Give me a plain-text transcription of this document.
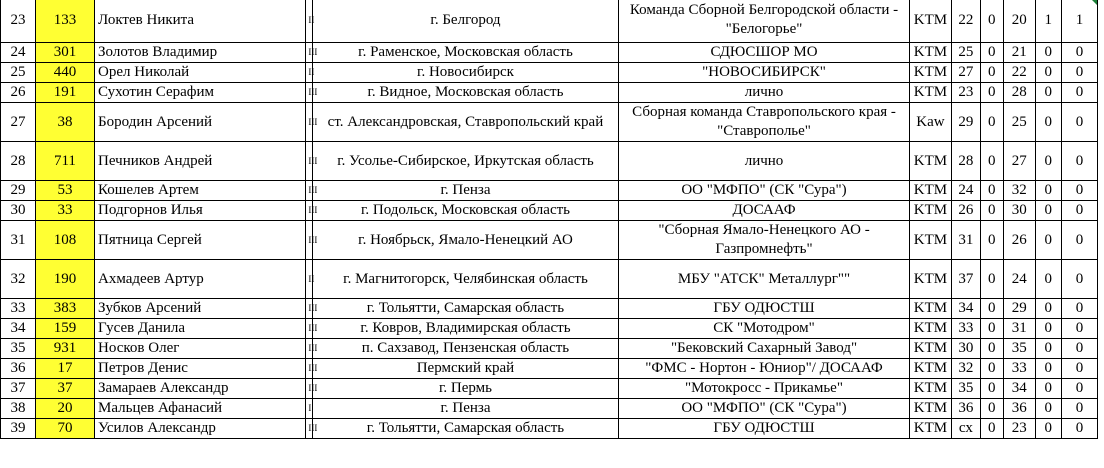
23	133	Локтев Никита	II	г. Белгород	Команда Сборной Белгородской области - "Белогорье"	KTM	22	0	20	1	1
24	301	Золотов Владимир	III	г. Раменское, Московская область	СДЮСШОР МО	KTM	25	0	21	0	0
25	440	Орел Николай	II	г. Новосибирск	"НОВОСИБИРСК"	KTM	27	0	22	0	0
26	191	Сухотин Серафим	III	г. Видное, Московская область	лично	KTM	23	0	28	0	0
27	38	Бородин Арсений	III	ст. Александровская, Ставропольский край	Сборная команда Ставропольского края - "Ставрополье"	Kaw	29	0	25	0	0
28	711	Печников Андрей	III	г. Усолье-Сибирское, Иркутская область	лично	KTM	28	0	27	0	0
29	53	Кошелев Артем	III	г. Пенза	ОО "МФПО" (СК "Сура")	KTM	24	0	32	0	0
30	33	Подгорнов Илья	III	г. Подольск, Московская область	ДОСААФ	KTM	26	0	30	0	0
31	108	Пятница Сергей	III	г. Ноябрьск, Ямало-Ненецкий АО	"Сборная Ямало-Ненецкого АО - Газпромнефть"	KTM	31	0	26	0	0
32	190	Ахмадеев Артур	II	г. Магнитогорск, Челябинская область	МБУ "АТСК" Металлург""	KTM	37	0	24	0	0
33	383	Зубков Арсений	III	г. Тольятти, Самарская область	ГБУ ОДЮСТШ	KTM	34	0	29	0	0
34	159	Гусев Данила	III	г. Ковров, Владимирская область	СК "Мотодром"	KTM	33	0	31	0	0
35	931	Носков Олег	III	п. Сахзавод, Пензенская область	"Бековский Сахарный Завод"	KTM	30	0	35	0	0
36	17	Петров Денис	III	Пермский край	"ФМС - Нортон - Юниор"/ ДОСААФ	KTM	32	0	33	0	0
37	37	Замараев Александр	III	г. Пермь	"Мотокросс - Прикамье"	KTM	35	0	34	0	0
38	20	Мальцев Афанасий	I	г. Пенза	ОО "МФПО" (СК "Сура")	KTM	36	0	36	0	0
39	70	Усилов Александр	III	г. Тольятти, Самарская область	ГБУ ОДЮСТШ	KTM	сх	0	23	0	0
